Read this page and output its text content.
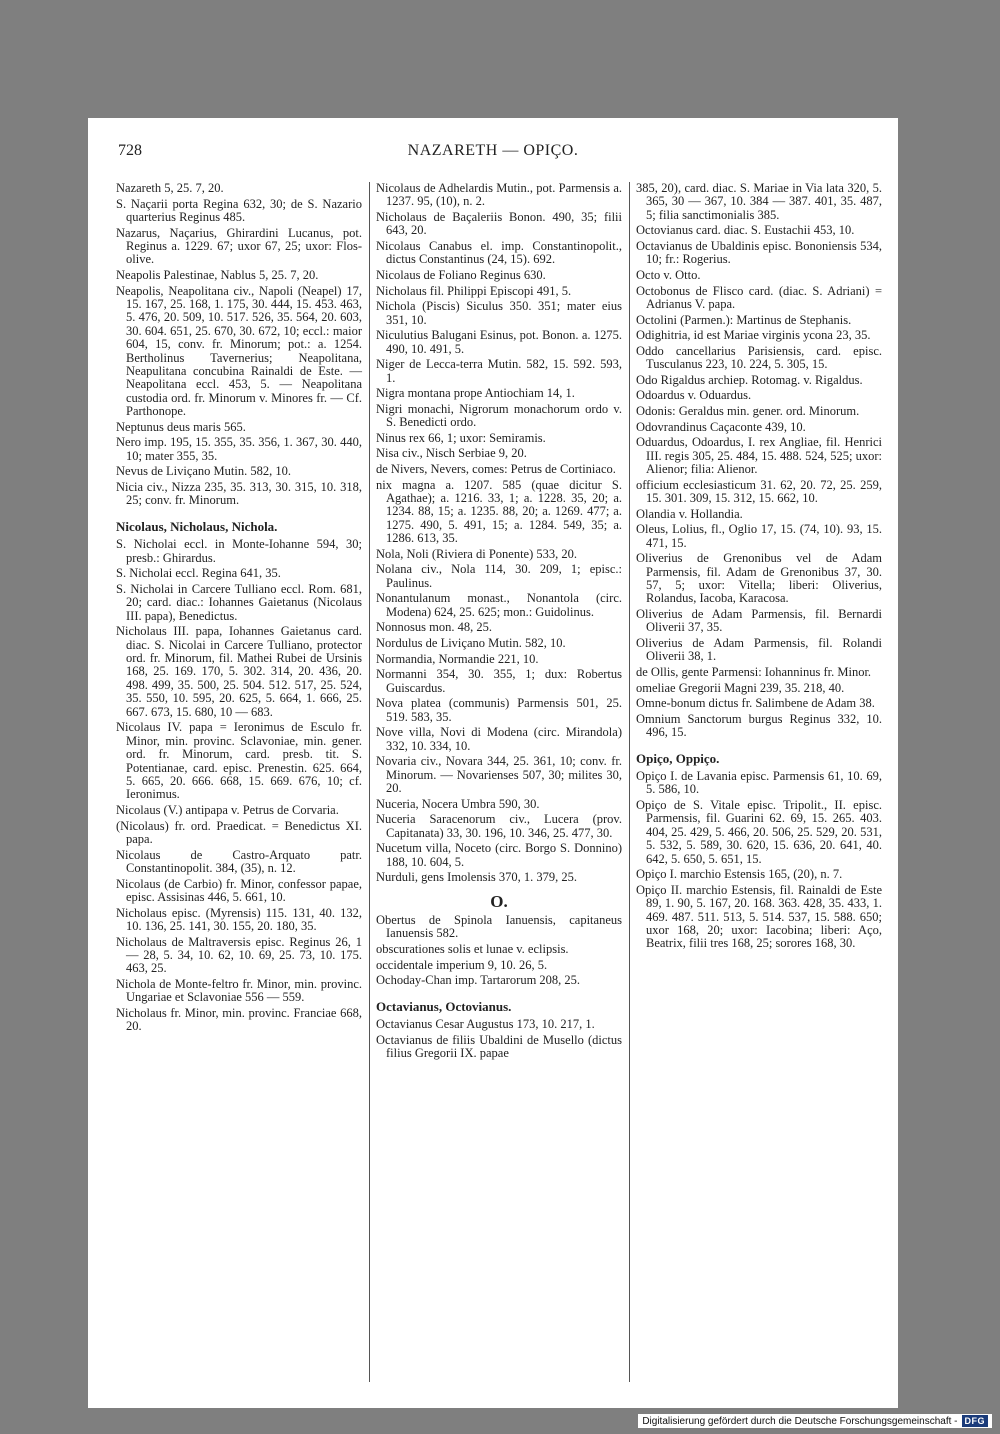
728	NAZARETH — OPIÇO.
Nazareth 5, 25. 7, 20.
S. Naçarii porta Regina 632, 30; de S. Nazario quarterius Reginus 485.
Nazarus, Naçarius, Ghirardini Lucanus, pot. Reginus a. 1229. 67; uxor 67, 25; uxor: Flos-olive.
Neapolis Palestinae, Nablus 5, 25. 7, 20.
Neapolis, Neapolitana civ., Napoli (Neapel) 17, 15. 167, 25. 168, 1. 175, 30. 444, 15. 453. 463, 5. 476, 20. 509, 10. 517. 526, 35. 564, 20. 603, 30. 604. 651, 25. 670, 30. 672, 10; eccl.: maior 604, 15, conv. fr. Minorum; pot.: a. 1254. Bertholinus Tavernerius; Neapolitana, Neapulitana concubina Rainaldi de Este. — Neapolitana eccl. 453, 5. — Neapolitana custodia ord. fr. Minorum v. Minores fr. — Cf. Parthonope.
Neptunus deus maris 565.
Nero imp. 195, 15. 355, 35. 356, 1. 367, 30. 440, 10; mater 355, 35.
Nevus de Liviçano Mutin. 582, 10.
Nicia civ., Nizza 235, 35. 313, 30. 315, 10. 318, 25; conv. fr. Minorum.
Nicolaus, Nicholaus, Nichola.
S. Nicholai eccl. in Monte-Iohanne 594, 30; presb.: Ghirardus.
S. Nicholai eccl. Regina 641, 35.
S. Nicholai in Carcere Tulliano eccl. Rom. 681, 20; card. diac.: Iohannes Gaietanus (Nicolaus III. papa), Benedictus.
Nicholaus III. papa, Iohannes Gaietanus card. diac. S. Nicolai in Carcere Tulliano, protector ord. fr. Minorum, fil. Mathei Rubei de Ursinis 168, 25. 169. 170, 5. 302. 314, 20. 436, 20. 498. 499, 35. 500, 25. 504. 512. 517, 25. 524, 35. 550, 10. 595, 20. 625, 5. 664, 1. 666, 25. 667. 673, 15. 680, 10 — 683.
Nicolaus IV. papa = Ieronimus de Esculo fr. Minor, min. provinc. Sclavoniae, min. gener. ord. fr. Minorum, card. presb. tit. S. Potentianae, card. episc. Prenestin. 625. 664, 5. 665, 20. 666. 668, 15. 669. 676, 10; cf. Ieronimus.
Nicolaus (V.) antipapa v. Petrus de Corvaria.
(Nicolaus) fr. ord. Praedicat. = Benedictus XI. papa.
Nicolaus de Castro-Arquato patr. Constantinopolit. 384, (35), n. 12.
Nicolaus (de Carbio) fr. Minor, confessor papae, episc. Assisinas 446, 5. 661, 10.
Nicholaus episc. (Myrensis) 115. 131, 40. 132, 10. 136, 25. 141, 30. 155, 20. 180, 35.
Nicholaus de Maltraversis episc. Reginus 26, 1 — 28, 5. 34, 10. 62, 10. 69, 25. 73, 10. 175. 463, 25.
Nichola de Monte-feltro fr. Minor, min. provinc. Ungariae et Sclavoniae 556 — 559.
Nicholaus fr. Minor, min. provinc. Franciae 668, 20.
Nicolaus de Adhelardis Mutin., pot. Parmensis a. 1237. 95, (10), n. 2.
Nicholaus de Baçaleriis Bonon. 490, 35; filii 643, 20.
Nicolaus Canabus el. imp. Constantinopolit., dictus Constantinus (24, 15). 692.
Nicolaus de Foliano Reginus 630.
Nicholaus fil. Philippi Episcopi 491, 5.
Nichola (Piscis) Siculus 350. 351; mater eius 351, 10.
Niculutius Balugani Esinus, pot. Bonon. a. 1275. 490, 10. 491, 5.
Niger de Lecca-terra Mutin. 582, 15. 592. 593, 1.
Nigra montana prope Antiochiam 14, 1.
Nigri monachi, Nigrorum monachorum ordo v. S. Benedicti ordo.
Ninus rex 66, 1; uxor: Semiramis.
Nisa civ., Nisch Serbiae 9, 20.
de Nivers, Nevers, comes: Petrus de Cortiniaco.
nix magna a. 1207. 585 (quae dicitur S. Agathae); a. 1216. 33, 1; a. 1228. 35, 20; a. 1234. 88, 15; a. 1235. 88, 20; a. 1269. 477; a. 1275. 490, 5. 491, 15; a. 1284. 549, 35; a. 1286. 613, 35.
Nola, Noli (Riviera di Ponente) 533, 20.
Nolana civ., Nola 114, 30. 209, 1; episc.: Paulinus.
Nonantulanum monast., Nonantola (circ. Modena) 624, 25. 625; mon.: Guidolinus.
Nonnosus mon. 48, 25.
Nordulus de Liviçano Mutin. 582, 10.
Normandia, Normandie 221, 10.
Normanni 354, 30. 355, 1; dux: Robertus Guiscardus.
Nova platea (communis) Parmensis 501, 25. 519. 583, 35.
Nove villa, Novi di Modena (circ. Mirandola) 332, 10. 334, 10.
Novaria civ., Novara 344, 25. 361, 10; conv. fr. Minorum. — Novarienses 507, 30; milites 30, 20.
Nuceria, Nocera Umbra 590, 30.
Nuceria Saracenorum civ., Lucera (prov. Capitanata) 33, 30. 196, 10. 346, 25. 477, 30.
Nucetum villa, Noceto (circ. Borgo S. Donnino) 188, 10. 604, 5.
Nurduli, gens Imolensis 370, 1. 379, 25.
O.
Obertus de Spinola Ianuensis, capitaneus Ianuensis 582.
obscurationes solis et lunae v. eclipsis.
occidentale imperium 9, 10. 26, 5.
Ochoday-Chan imp. Tartarorum 208, 25.
Octavianus, Octovianus.
Octavianus Cesar Augustus 173, 10. 217, 1.
Octavianus de filiis Ubaldini de Musello (dictus filius Gregorii IX. papae
385, 20), card. diac. S. Mariae in Via lata 320, 5. 365, 30 — 367, 10. 384 — 387. 401, 35. 487, 5; filia sanctimonialis 385.
Octovianus card. diac. S. Eustachii 453, 10.
Octavianus de Ubaldinis episc. Bononiensis 534, 10; fr.: Rogerius.
Octo v. Otto.
Octobonus de Flisco card. (diac. S. Adriani) = Adrianus V. papa.
Octolini (Parmen.): Martinus de Stephanis.
Odighitria, id est Mariae virginis ycona 23, 35.
Oddo cancellarius Parisiensis, card. episc. Tusculanus 223, 10. 224, 5. 305, 15.
Odo Rigaldus archiep. Rotomag. v. Rigaldus.
Odoardus v. Oduardus.
Odonis: Geraldus min. gener. ord. Minorum.
Odovrandinus Caçaconte 439, 10.
Oduardus, Odoardus, I. rex Angliae, fil. Henrici III. regis 305, 25. 484, 15. 488. 524, 525; uxor: Alienor; filia: Alienor.
officium ecclesiasticum 31. 62, 20. 72, 25. 259, 15. 301. 309, 15. 312, 15. 662, 10.
Olandia v. Hollandia.
Oleus, Lolius, fl., Oglio 17, 15. (74, 10). 93, 15. 471, 15.
Oliverius de Grenonibus vel de Adam Parmensis, fil. Adam de Grenonibus 37, 30. 57, 5; uxor: Vitella; liberi: Oliverius, Rolandus, Iacoba, Karacosa.
Oliverius de Adam Parmensis, fil. Bernardi Oliverii 37, 35.
Oliverius de Adam Parmensis, fil. Rolandi Oliverii 38, 1.
de Ollis, gente Parmensi: Iohanninus fr. Minor.
omeliae Gregorii Magni 239, 35. 218, 40.
Omne-bonum dictus fr. Salimbene de Adam 38.
Omnium Sanctorum burgus Reginus 332, 10. 496, 15.
Opiço, Oppiço.
Opiço I. de Lavania episc. Parmensis 61, 10. 69, 5. 586, 10.
Opiço de S. Vitale episc. Tripolit., II. episc. Parmensis, fil. Guarini 62. 69, 15. 265. 403. 404, 25. 429, 5. 466, 20. 506, 25. 529, 20. 531, 5. 532, 5. 589, 30. 620, 15. 636, 20. 641, 40. 642, 5. 650, 5. 651, 15.
Opiço I. marchio Estensis 165, (20), n. 7.
Opiço II. marchio Estensis, fil. Rainaldi de Este 89, 1. 90, 5. 167, 20. 168. 363. 428, 35. 433, 1. 469. 487. 511. 513, 5. 514. 537, 15. 588. 650; uxor 168, 20; uxor: Iacobina; liberi: Aço, Beatrix, filii tres 168, 25; sorores 168, 30.
Digitalisierung gefördert durch die Deutsche Forschungsgemeinschaft - DFG
